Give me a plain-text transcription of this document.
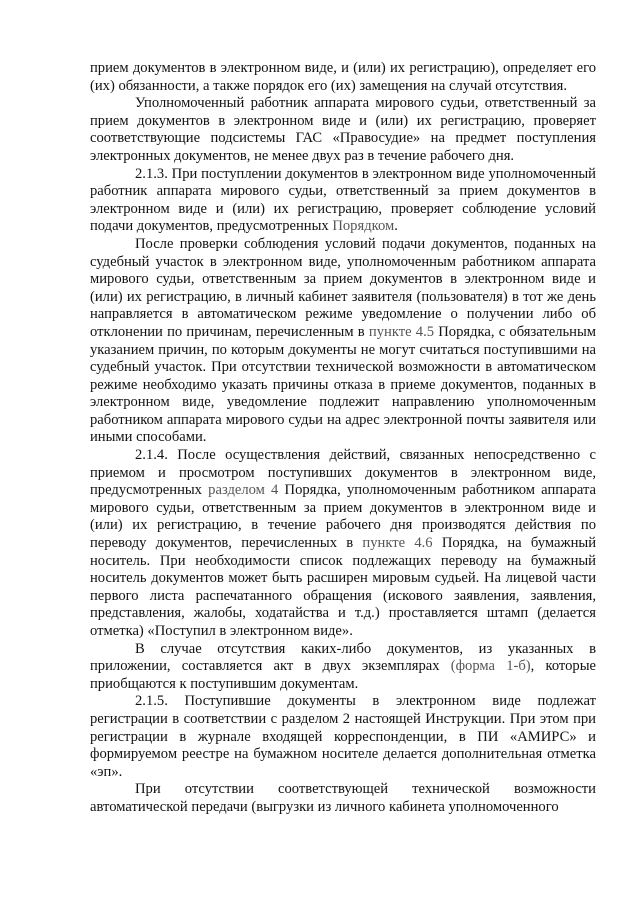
прием документов в электронном виде, и (или) их регистрацию), определяет его (их) обязанности, а также порядок его (их) замещения на случай отсутствия.

Уполномоченный работник аппарата мирового судьи, ответственный за прием документов в электронном виде и (или) их регистрацию, проверяет соответствующие подсистемы ГАС «Правосудие» на предмет поступления электронных документов, не менее двух раз в течение рабочего дня.

2.1.3. При поступлении документов в электронном виде уполномоченный работник аппарата мирового судьи, ответственный за прием документов в электронном виде и (или) их регистрацию, проверяет соблюдение условий подачи документов, предусмотренных Порядком.

После проверки соблюдения условий подачи документов, поданных на судебный участок в электронном виде, уполномоченным работником аппарата мирового судьи, ответственным за прием документов в электронном виде и (или) их регистрацию, в личный кабинет заявителя (пользователя) в тот же день направляется в автоматическом режиме уведомление о получении либо об отклонении по причинам, перечисленным в пункте 4.5 Порядка, с обязательным указанием причин, по которым документы не могут считаться поступившими на судебный участок. При отсутствии технической возможности в автоматическом режиме необходимо указать причины отказа в приеме документов, поданных в электронном виде, уведомление подлежит направлению уполномоченным работником аппарата мирового судьи на адрес электронной почты заявителя или иными способами.

2.1.4. После осуществления действий, связанных непосредственно с приемом и просмотром поступивших документов в электронном виде, предусмотренных разделом 4 Порядка, уполномоченным работником аппарата мирового судьи, ответственным за прием документов в электронном виде и (или) их регистрацию, в течение рабочего дня производятся действия по переводу документов, перечисленных в пункте 4.6 Порядка, на бумажный носитель. При необходимости список подлежащих переводу на бумажный носитель документов может быть расширен мировым судьей. На лицевой части первого листа распечатанного обращения (искового заявления, заявления, представления, жалобы, ходатайства и т.д.) проставляется штамп (делается отметка) «Поступил в электронном виде».

В случае отсутствия каких-либо документов, из указанных в приложении, составляется акт в двух экземплярах (форма 1-б), которые приобщаются к поступившим документам.

2.1.5. Поступившие документы в электронном виде подлежат регистрации в соответствии с разделом 2 настоящей Инструкции. При этом при регистрации в журнале входящей корреспонденции, в ПИ «АМИРС» и формируемом реестре на бумажном носителе делается дополнительная отметка «эп».

При отсутствии соответствующей технической возможности автоматической передачи (выгрузки из личного кабинета уполномоченного
